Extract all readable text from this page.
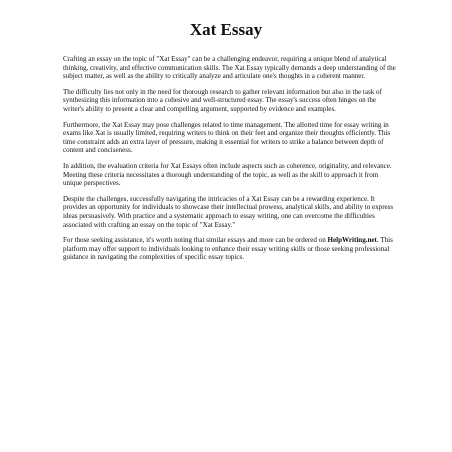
Xat Essay

Crafting an essay on the topic of "Xat Essay" can be a challenging endeavor, requiring a unique blend of analytical thinking, creativity, and effective communication skills. The Xat Essay typically demands a deep understanding of the subject matter, as well as the ability to critically analyze and articulate one's thoughts in a coherent manner.

The difficulty lies not only in the need for thorough research to gather relevant information but also in the task of synthesizing this information into a cohesive and well-structured essay. The essay's success often hinges on the writer's ability to present a clear and compelling argument, supported by evidence and examples.

Furthermore, the Xat Essay may pose challenges related to time management. The allotted time for essay writing in exams like Xat is usually limited, requiring writers to think on their feet and organize their thoughts efficiently. This time constraint adds an extra layer of pressure, making it essential for writers to strike a balance between depth of content and conciseness.

In addition, the evaluation criteria for Xat Essays often include aspects such as coherence, originality, and relevance. Meeting these criteria necessitates a thorough understanding of the topic, as well as the skill to approach it from unique perspectives.

Despite the challenges, successfully navigating the intricacies of a Xat Essay can be a rewarding experience. It provides an opportunity for individuals to showcase their intellectual prowess, analytical skills, and ability to express ideas persuasively. With practice and a systematic approach to essay writing, one can overcome the difficulties associated with crafting an essay on the topic of "Xat Essay."

For those seeking assistance, it's worth noting that similar essays and more can be ordered on HelpWriting.net. This platform may offer support to individuals looking to enhance their essay writing skills or those seeking professional guidance in navigating the complexities of specific essay topics.
